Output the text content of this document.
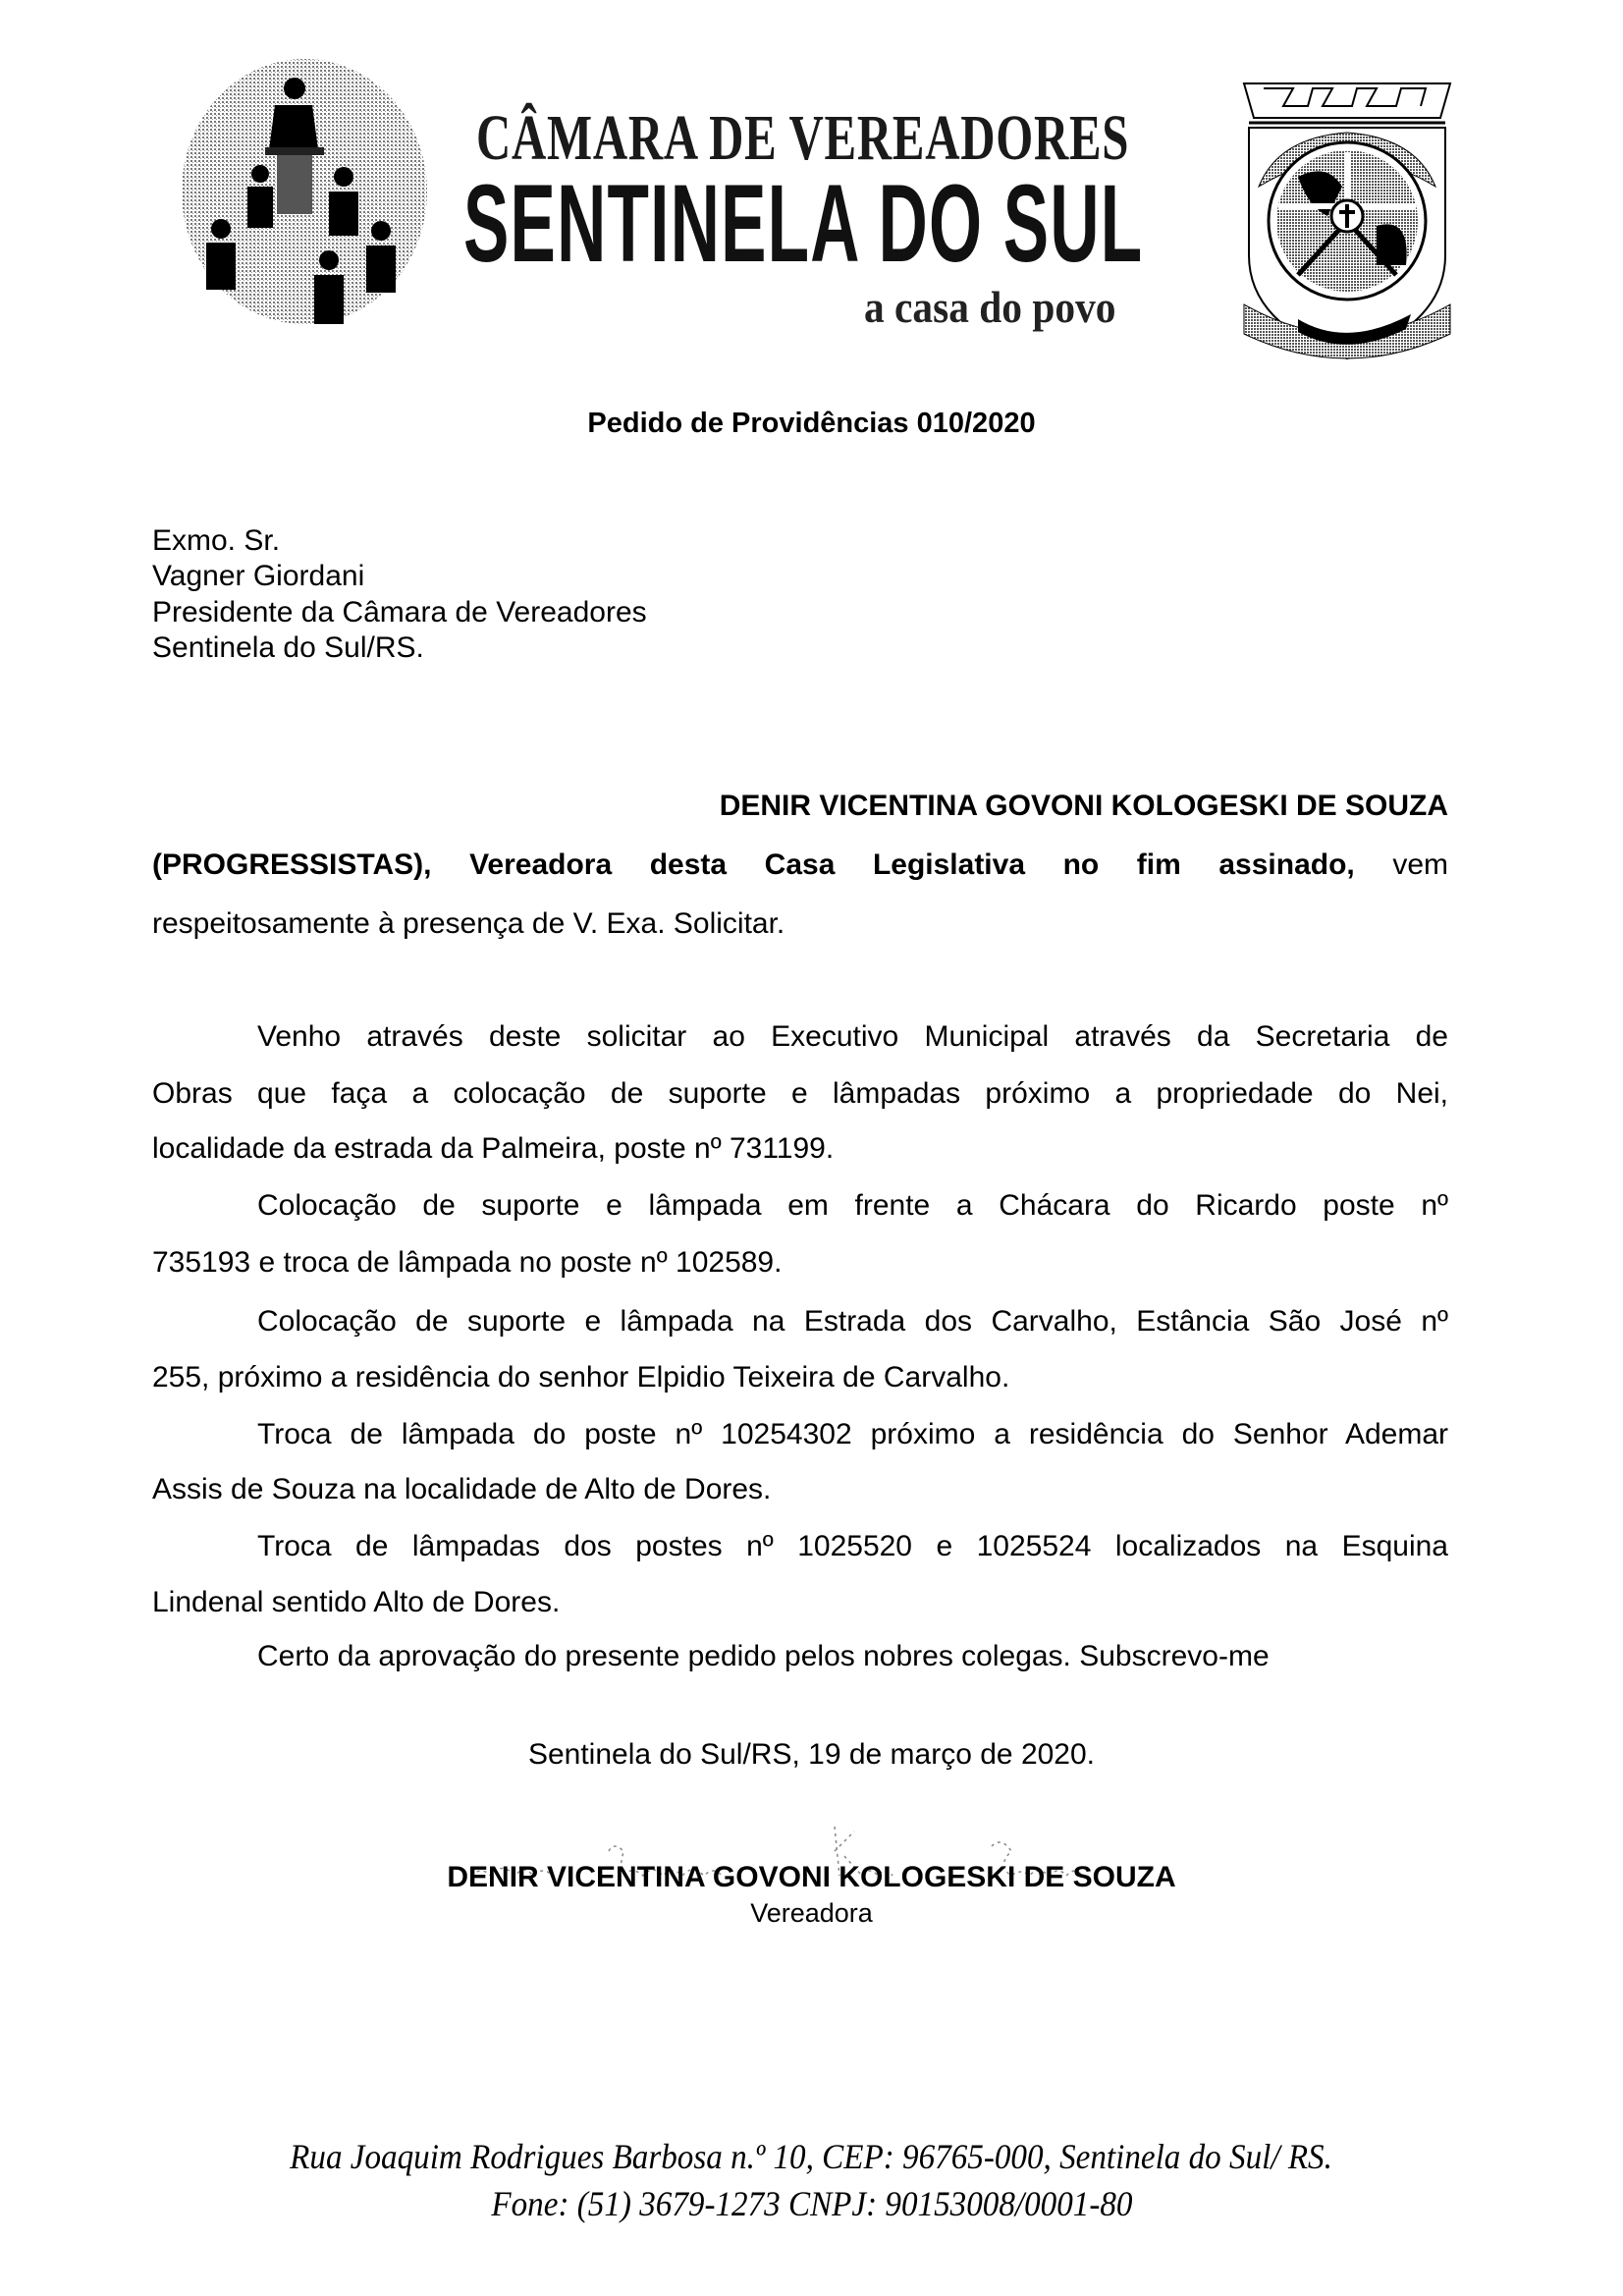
CÂMARA DE VEREADORES
SENTINELA DO SUL
a casa do povo
Pedido de Providências 010/2020
Exmo. Sr.
Vagner Giordani
Presidente da Câmara de Vereadores
Sentinela do Sul/RS.
DENIR VICENTINA GOVONI KOLOGESKI DE SOUZA
(PROGRESSISTAS), Vereadora desta Casa Legislativa no fim assinado, vem
respeitosamente à presença de V. Exa. Solicitar.
Venho através deste solicitar ao Executivo Municipal através da Secretaria de
Obras que faça a colocação de suporte e lâmpadas próximo a propriedade do Nei,
localidade da estrada da Palmeira, poste nº 731199.
Colocação de suporte e lâmpada em frente a Chácara do Ricardo poste nº
735193 e troca de lâmpada no poste nº 102589.
Colocação de suporte e lâmpada na Estrada dos Carvalho, Estância São José nº
255, próximo a residência do senhor Elpidio Teixeira de Carvalho.
Troca de lâmpada do poste nº 10254302 próximo a residência do Senhor Ademar
Assis de Souza na localidade de Alto de Dores.
Troca de lâmpadas dos postes nº 1025520 e 1025524 localizados na Esquina
Lindenal sentido Alto de Dores.
Certo da aprovação do presente pedido pelos nobres colegas. Subscrevo-me
Sentinela do Sul/RS, 19 de março de 2020.
DENIR VICENTINA GOVONI KOLOGESKI DE SOUZA
Vereadora
Rua Joaquim Rodrigues Barbosa n.º 10, CEP: 96765-000, Sentinela do Sul/ RS.
Fone: (51) 3679-1273 CNPJ: 90153008/0001-80
